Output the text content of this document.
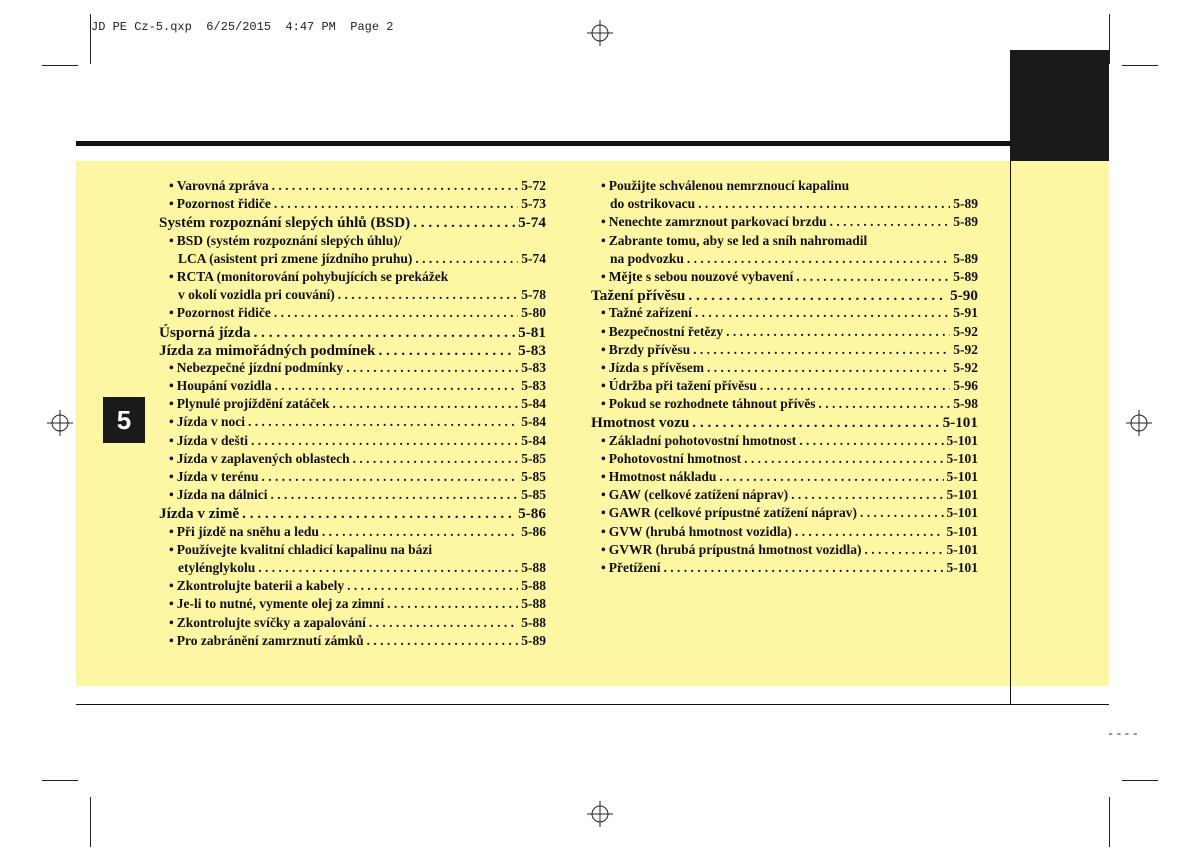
JD PE Cz-5.qxp  6/25/2015  4:47 PM  Page 2
5
• Varovná zpráva . . .	5-72
• Pozornost řidiče . . .	5-73
Systém rozpoznání slepých úhlů (BSD) . . .	5-74
• BSD (systém rozpoznání slepých úhlu)/
LCA (asistent pri zmene jízdního pruhu) . . .	5-74
• RCTA (monitorování pohybujících se prekážek
v okolí vozidla pri couvání) . . .	5-78
• Pozornost řidiče . . .	5-80
Úsporná jízda . . .	5-81
Jízda za mimořádných podmínek . . .	5-83
• Nebezpečné jízdní podmínky . . .	5-83
• Houpání vozidla . . .	5-83
• Plynulé projíždění zatáček . . .	5-84
• Jízda v noci . . .	5-84
• Jízda v dešti . . .	5-84
• Jízda v zaplavených oblastech . . .	5-85
• Jízda v terénu . . .	5-85
• Jízda na dálnici . . .	5-85
Jízda v zimě . . .	5-86
• Při jízdě na sněhu a ledu . . .	5-86
• Používejte kvalitní chladicí kapalinu na bázi
etylénglykolu . . .	5-88
• Zkontrolujte baterii a kabely . . .	5-88
• Je-li to nutné, vymente olej za zimní . . .	5-88
• Zkontrolujte svíčky a zapalování . . .	5-88
• Pro zabránění zamrznutí zámků . . .	5-89
• Použijte schválenou nemrznoucí kapalinu
do ostrikovacu . . .	5-89
• Nenechte zamrznout parkovací brzdu . . .	5-89
• Zabrante tomu, aby se led a sníh nahromadil
na podvozku . . .	5-89
• Mějte s sebou nouzové vybavení . . .	5-89
Tažení přívěsu . . .	5-90
• Tažné zařízení . . .	5-91
• Bezpečnostní řetězy . . .	5-92
• Brzdy přívěsu . . .	5-92
• Jízda s přívěsem . . .	5-92
• Údržba při tažení přívěsu . . .	5-96
• Pokud se rozhodnete táhnout přívěs . . .	5-98
Hmotnost vozu . . .	5-101
• Základní pohotovostní hmotnost . . .	5-101
• Pohotovostní hmotnost . . .	5-101
• Hmotnost nákladu . . .	5-101
• GAW (celkové zatížení náprav) . . .	5-101
• GAWR (celkové prípustné zatížení náprav) . . .	5-101
• GVW (hrubá hmotnost vozidla) . . .	5-101
• GVWR (hrubá prípustná hmotnost vozidla) . . .	5-101
• Přetížení . . .	5-101
----
